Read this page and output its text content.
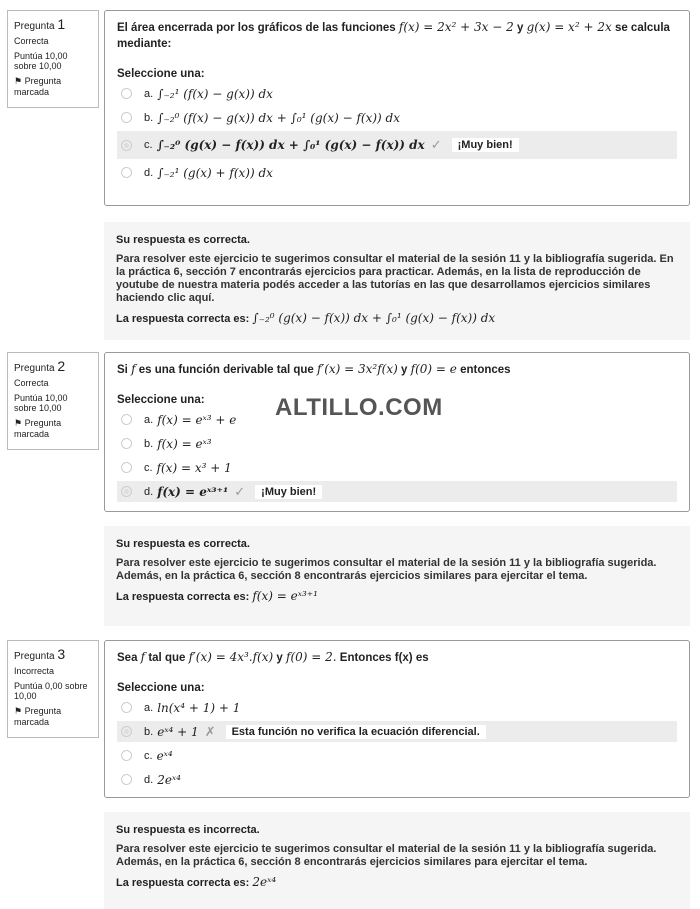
Pregunta 1
Correcta
Puntúa 10,00 sobre 10,00
⚑ Pregunta marcada
El área encerrada por los gráficos de las funciones f(x) = 2x² + 3x − 2 y g(x) = x² + 2x se calcula mediante:
Seleccione una:
a. ∫₋₂¹ (f(x) − g(x)) dx
b. ∫₋₂⁰ (f(x) − g(x)) dx + ∫₀¹ (g(x) − f(x)) dx
c. ∫₋₂⁰ (g(x) − f(x)) dx + ∫₀¹ (g(x) − f(x)) dx ✓	¡Muy bien!
d. ∫₋₂¹ (g(x) + f(x)) dx
Su respuesta es correcta.
Para resolver este ejercicio te sugerimos consultar el material de la sesión 11 y la bibliografía sugerida. En la práctica 6, sección 7 encontrarás ejercicios para practicar. Además, en la lista de reproducción de youtube de nuestra materia podés acceder a las tutorías en las que desarrollamos ejercicios similares haciendo clic aquí.
La respuesta correcta es: ∫₋₂⁰ (g(x) − f(x)) dx + ∫₀¹ (g(x) − f(x)) dx
Pregunta 2
Correcta
Puntúa 10,00 sobre 10,00
⚑ Pregunta marcada
Si f es una función derivable tal que f′(x) = 3x²f(x) y f(0) = e entonces
Seleccione una:
a. f(x) = eˣ³ + e
b. f(x) = eˣ³
c. f(x) = x³ + 1
d. f(x) = eˣ³⁺¹ ✓	¡Muy bien!
ALTILLO.COM
Su respuesta es correcta.
Para resolver este ejercicio te sugerimos consultar el material de la sesión 11 y la bibliografía sugerida. Además, en la práctica 6, sección 8 encontrarás ejercicios similares para ejercitar el tema.
La respuesta correcta es: f(x) = eˣ³⁺¹
Pregunta 3
Incorrecta
Puntúa 0,00 sobre 10,00
⚑ Pregunta marcada
Sea f tal que f′(x) = 4x³.f(x) y f(0) = 2. Entonces f(x) es
Seleccione una:
a. ln(x⁴ + 1) + 1
b. eˣ⁴ + 1 ✗	Esta función no verifica la ecuación diferencial.
c. eˣ⁴
d. 2eˣ⁴
Su respuesta es incorrecta.
Para resolver este ejercicio te sugerimos consultar el material de la sesión 11 y la bibliografía sugerida. Además, en la práctica 6, sección 8 encontrarás ejercicios similares para ejercitar el tema.
La respuesta correcta es: 2eˣ⁴
